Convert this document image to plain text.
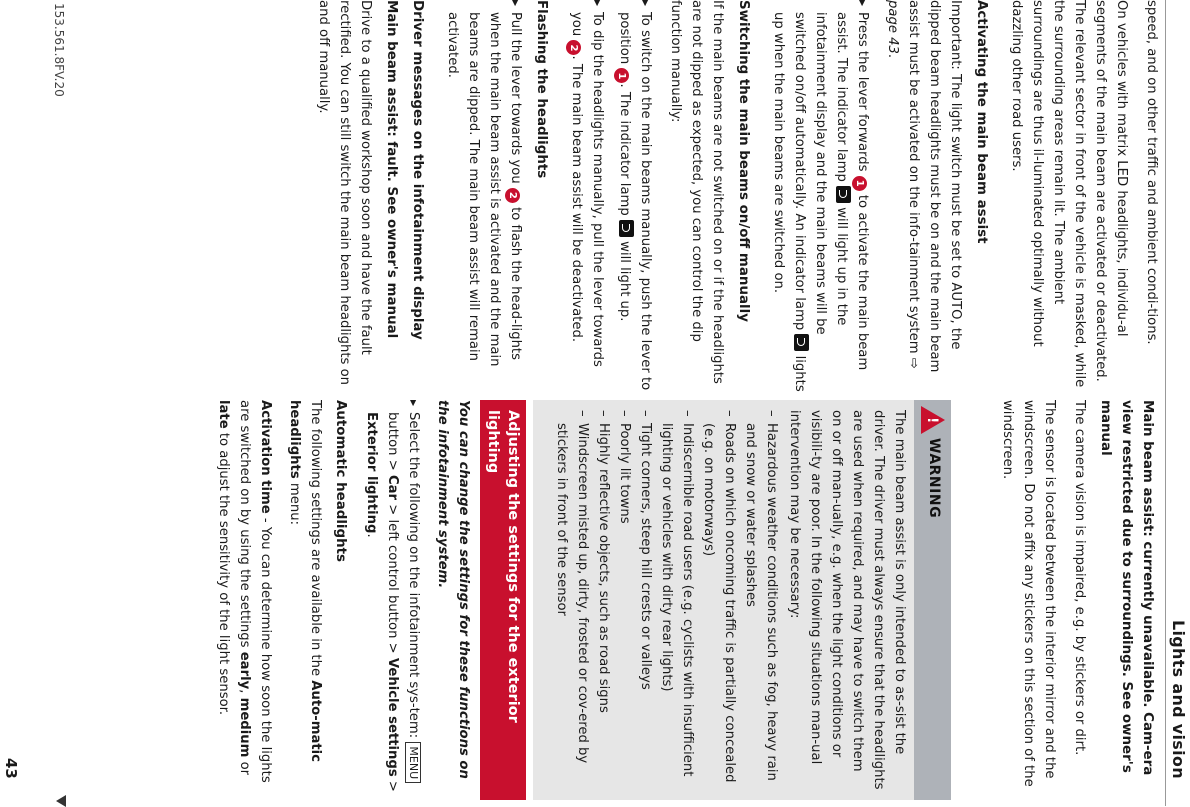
153.561.8FV.20
Lights and vision
43

speed, and on other traffic and ambient condi-tions.

On vehicles with matrix LED headlights, individu-al segments of the main beam are activated or deactivated. The relevant sector in front of the vehicle is masked, while the surrounding areas remain lit. The ambient surroundings are thus il-luminated optimally without dazzling other road users.

Activating the main beam assist

Important: The light switch must be set to AUTO, the dipped beam headlights must be on and the main beam assist must be activated on the info-tainment system ⇨ page 43.

▶ Press the lever forwards 1 to activate the main beam assist. The indicator lamp  will light up in the infotainment display and the main beams will be switched on/off automatically. An indicator lamp  lights up when the main beams are switched on.
Switching the main beams on/off manually

If the main beams are not switched on or if the headlights are not dipped as expected, you can control the dip function manually:

▶ To switch on the main beams manually, push the lever to position 1. The indicator lamp  will light up.
▶ To dip the headlights manually, pull the lever towards you 2. The main beam assist will be deactivated.
Flashing the headlights
▶ Pull the lever towards you 2 to flash the head-lights when the main beam assist is activated and the main beams are dipped. The main beam assist will remain activated.
Driver messages on the infotainment display
Main beam assist: fault. See owner's manual

Drive to a qualified workshop soon and have the fault rectified. You can still switch the main beam headlights on and off manually.

Main beam assist: currently unavailable. Cam-era view restricted due to surroundings. See owner's manual

The camera vision is impaired, e.g. by stickers or dirt.

The sensor is located between the interior mirror and the windscreen. Do not affix any stickers on this section of the windscreen.

!
WARNING

The main beam assist is only intended to as-sist the driver. The driver must always ensure that the headlights are used when required, and may have to switch them on or off man-ually, e.g. when the light conditions or visibili-ty are poor. In the following situations man-ual intervention may be necessary:

– Hazardous weather conditions such as fog, heavy rain and snow or water splashes
– Roads on which oncoming traffic is partially concealed (e.g. on motorways)
– Indiscernible road users (e.g. cyclists with insufficient lighting or vehicles with dirty rear lights)
– Tight corners, steep hill crests or valleys
– Poorly lit towns
– Highly reflective objects, such as road signs
– Windscreen misted up, dirty, frosted or cov-ered by stickers in front of the sensor
Adjusting the settings for the exterior lighting

You can change the settings for these functions on the infotainment system.

▶ Select the following on the infotainment sys-tem: MENU button > Car > left control button > Vehicle settings > Exterior lighting.
Automatic headlights

The following settings are available in the Auto-matic headlights menu:

Activation time - You can determine how soon the lights are switched on by using the settings early, medium or late to adjust the sensitivity of the light sensor.
